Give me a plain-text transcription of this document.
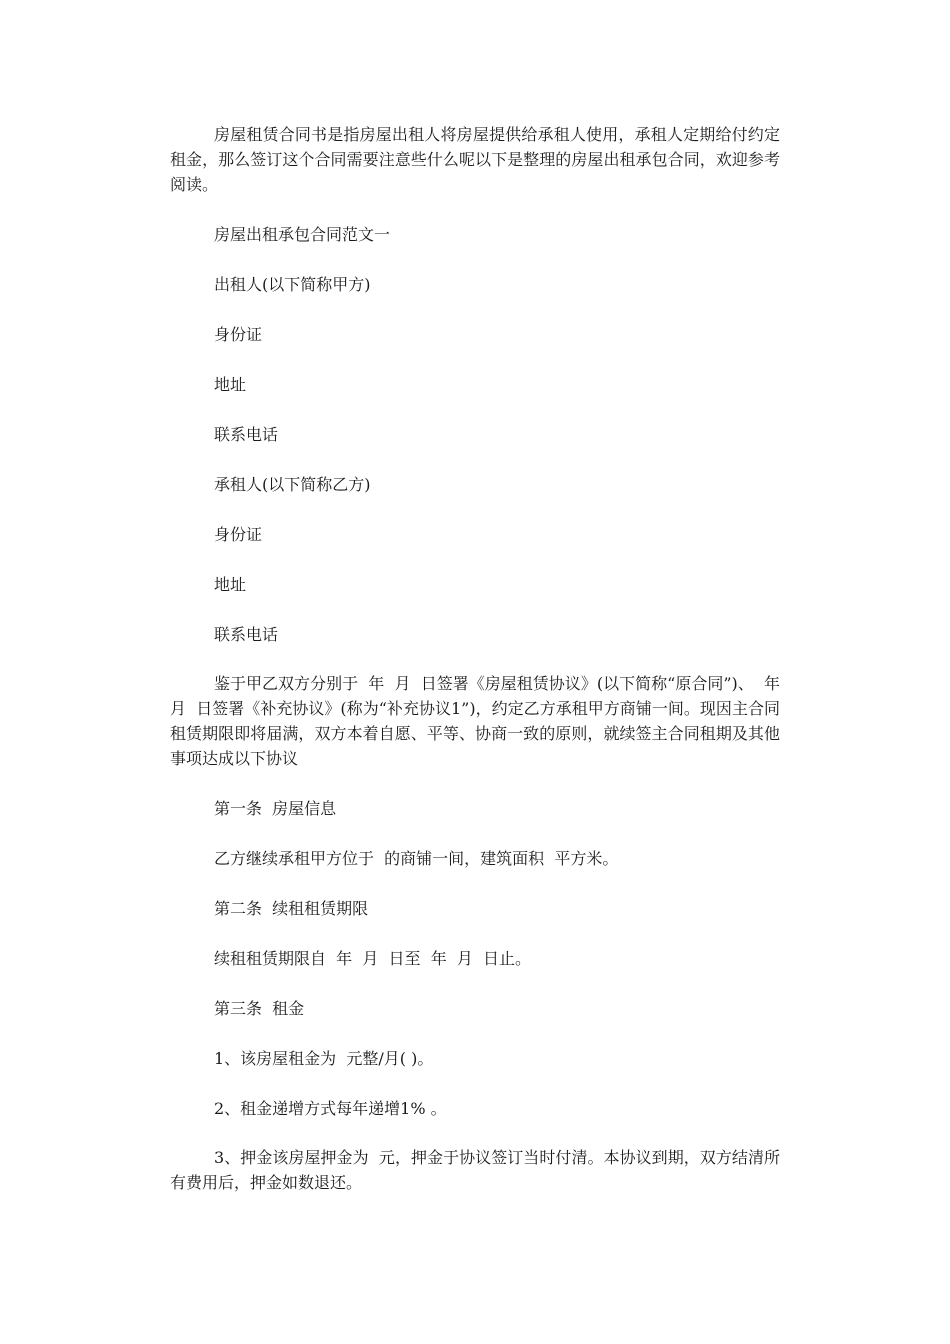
房屋租赁合同书是指房屋出租人将房屋提供给承租人使用，承租人定期给付约定租金，那么签订这个合同需要注意些什么呢以下是整理的房屋出租承包合同，欢迎参考阅读。

房屋出租承包合同范文一

出租人(以下简称甲方)

身份证

地址

联系电话

承租人(以下简称乙方)

身份证

地址

联系电话

鉴于甲乙双方分别于  年  月  日签署《房屋租赁协议》(以下简称“原合同”)、  年  月  日签署《补充协议》(称为“补充协议1”)，约定乙方承租甲方商铺一间。现因主合同租赁期限即将届满，双方本着自愿、平等、协商一致的原则，就续签主合同租期及其他事项达成以下协议

第一条  房屋信息

乙方继续承租甲方位于  的商铺一间，建筑面积  平方米。

第二条  续租租赁期限

续租租赁期限自  年  月  日至  年  月  日止。

第三条  租金

1、该房屋租金为  元整/月( )。

2、租金递增方式每年递增1% 。

3、押金该房屋押金为  元，押金于协议签订当时付清。本协议到期，双方结清所有费用后，押金如数退还。
